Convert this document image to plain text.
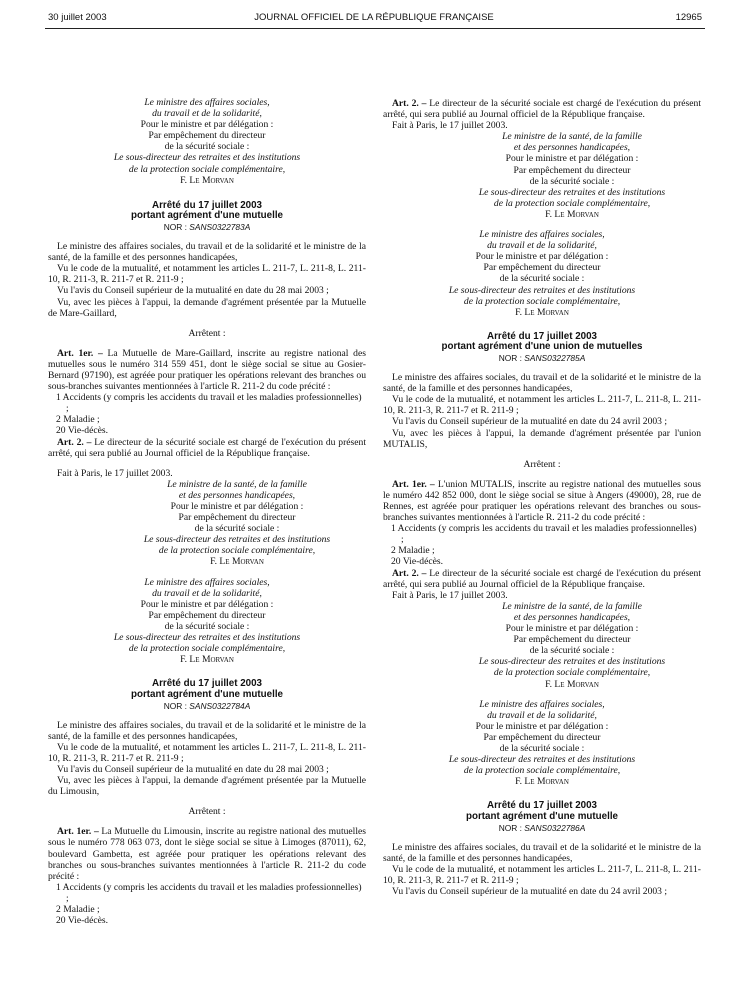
30 juillet 2003	JOURNAL OFFICIEL DE LA RÉPUBLIQUE FRANÇAISE	12965

Le ministre des affaires sociales,

du travail et de la solidarité,

Pour le ministre et par délégation :

Par empêchement du directeur

de la sécurité sociale :

Le sous-directeur des retraites et des institutions

de la protection sociale complémentaire,

F. Le Morvan

Arrêté du 17 juillet 2003

portant agrément d'une mutuelle

NOR : SANS0322783A

Le ministre des affaires sociales, du travail et de la solidarité et le ministre de la santé, de la famille et des personnes handicapées,

Vu le code de la mutualité, et notamment les articles L. 211-7, L. 211-8, L. 211-10, R. 211-3, R. 211-7 et R. 211-9 ;

Vu l'avis du Conseil supérieur de la mutualité en date du 28 mai 2003 ;

Vu, avec les pièces à l'appui, la demande d'agrément présentée par la Mutuelle de Mare-Gaillard,

Arrêtent :

Art. 1er. – La Mutuelle de Mare-Gaillard, inscrite au registre national des mutuelles sous le numéro 314 559 451, dont le siège social se situe au Gosier-Bernard (97190), est agréée pour pratiquer les opérations relevant des branches ou sous-branches suivantes mentionnées à l'article R. 211-2 du code précité :

1 Accidents (y compris les accidents du travail et les maladies professionnelles) ;
2 Maladie ;
20 Vie-décès.

Art. 2. – Le directeur de la sécurité sociale est chargé de l'exécution du présent arrêté, qui sera publié au Journal officiel de la République française.

Fait à Paris, le 17 juillet 2003.

Le ministre de la santé, de la famille

et des personnes handicapées,

Pour le ministre et par délégation :

Par empêchement du directeur

de la sécurité sociale :

Le sous-directeur des retraites et des institutions

de la protection sociale complémentaire,

F. Le Morvan

Le ministre des affaires sociales,

du travail et de la solidarité,

Pour le ministre et par délégation :

Par empêchement du directeur

de la sécurité sociale :

Le sous-directeur des retraites et des institutions

de la protection sociale complémentaire,

F. Le Morvan

Arrêté du 17 juillet 2003

portant agrément d'une mutuelle

NOR : SANS0322784A

Le ministre des affaires sociales, du travail et de la solidarité et le ministre de la santé, de la famille et des personnes handicapées,

Vu le code de la mutualité, et notamment les articles L. 211-7, L. 211-8, L. 211-10, R. 211-3, R. 211-7 et R. 211-9 ;

Vu l'avis du Conseil supérieur de la mutualité en date du 28 mai 2003 ;

Vu, avec les pièces à l'appui, la demande d'agrément présentée par la Mutuelle du Limousin,

Arrêtent :

Art. 1er. – La Mutuelle du Limousin, inscrite au registre national des mutuelles sous le numéro 778 063 073, dont le siège social se situe à Limoges (87011), 62, boulevard Gambetta, est agréée pour pratiquer les opérations relevant des branches ou sous-branches suivantes mentionnées à l'article R. 211-2 du code précité :

1 Accidents (y compris les accidents du travail et les maladies professionnelles) ;
2 Maladie ;
20 Vie-décès.

Art. 2. – Le directeur de la sécurité sociale est chargé de l'exécution du présent arrêté, qui sera publié au Journal officiel de la République française.

Fait à Paris, le 17 juillet 2003.

Le ministre de la santé, de la famille

et des personnes handicapées,

Pour le ministre et par délégation :

Par empêchement du directeur

de la sécurité sociale :

Le sous-directeur des retraites et des institutions

de la protection sociale complémentaire,

F. Le Morvan

Le ministre des affaires sociales,

du travail et de la solidarité,

Pour le ministre et par délégation :

Par empêchement du directeur

de la sécurité sociale :

Le sous-directeur des retraites et des institutions

de la protection sociale complémentaire,

F. Le Morvan

Arrêté du 17 juillet 2003

portant agrément d'une union de mutuelles

NOR : SANS0322785A

Le ministre des affaires sociales, du travail et de la solidarité et le ministre de la santé, de la famille et des personnes handicapées,

Vu le code de la mutualité, et notamment les articles L. 211-7, L. 211-8, L. 211-10, R. 211-3, R. 211-7 et R. 211-9 ;

Vu l'avis du Conseil supérieur de la mutualité en date du 24 avril 2003 ;

Vu, avec les pièces à l'appui, la demande d'agrément présentée par l'union MUTALIS,

Arrêtent :

Art. 1er. – L'union MUTALIS, inscrite au registre national des mutuelles sous le numéro 442 852 000, dont le siège social se situe à Angers (49000), 28, rue de Rennes, est agréée pour pratiquer les opérations relevant des branches ou sous-branches suivantes mentionnées à l'article R. 211-2 du code précité :

1 Accidents (y compris les accidents du travail et les maladies professionnelles) ;
2 Maladie ;
20 Vie-décès.

Art. 2. – Le directeur de la sécurité sociale est chargé de l'exécution du présent arrêté, qui sera publié au Journal officiel de la République française.

Fait à Paris, le 17 juillet 2003.

Le ministre de la santé, de la famille

et des personnes handicapées,

Pour le ministre et par délégation :

Par empêchement du directeur

de la sécurité sociale :

Le sous-directeur des retraites et des institutions

de la protection sociale complémentaire,

F. Le Morvan

Le ministre des affaires sociales,

du travail et de la solidarité,

Pour le ministre et par délégation :

Par empêchement du directeur

de la sécurité sociale :

Le sous-directeur des retraites et des institutions

de la protection sociale complémentaire,

F. Le Morvan

Arrêté du 17 juillet 2003

portant agrément d'une mutuelle

NOR : SANS0322786A

Le ministre des affaires sociales, du travail et de la solidarité et le ministre de la santé, de la famille et des personnes handicapées,

Vu le code de la mutualité, et notamment les articles L. 211-7, L. 211-8, L. 211-10, R. 211-3, R. 211-7 et R. 211-9 ;

Vu l'avis du Conseil supérieur de la mutualité en date du 24 avril 2003 ;
